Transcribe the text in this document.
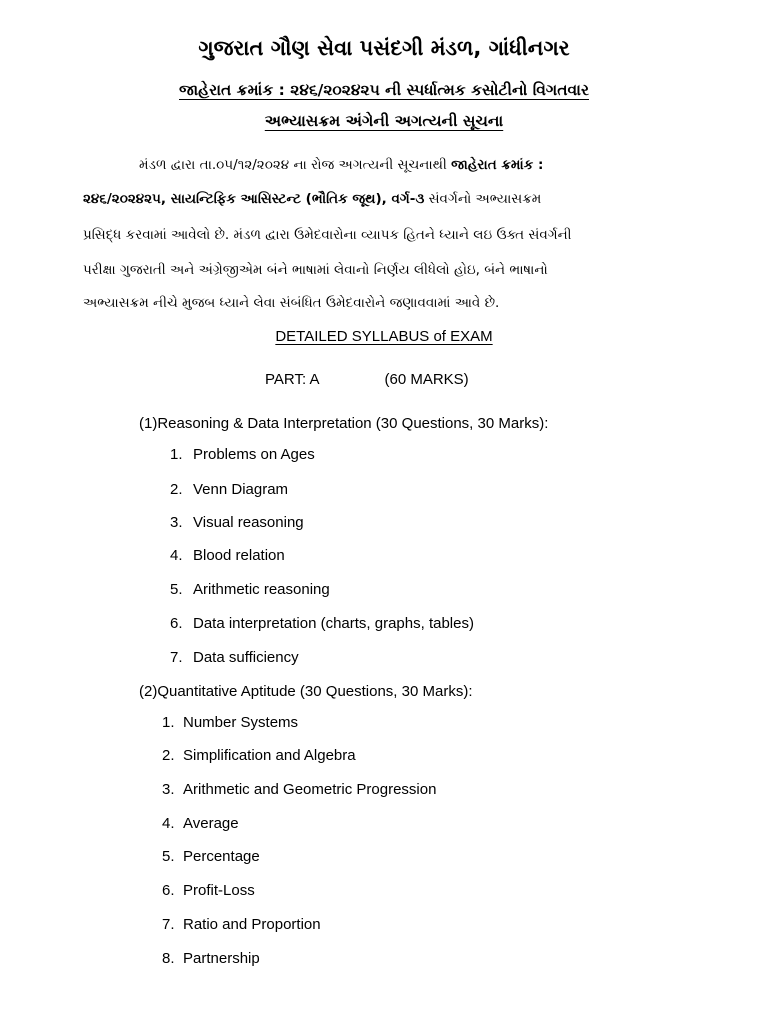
ગુજરાત ગૌણ સેવા પસંદગી મંડળ, ગાંધીનગર
જાહેરાત ક્રમાંક : ૨૪૬/૨૦૨૪૨૫ ની સ્પર્ધાત્મક કસોટીનો વિગતવાર
અભ્યાસક્રમ અંગેની અગત્યની સૂચના
મંડળ દ્વારા તા.૦૫/૧૨/૨૦૨૪ ના રોજ અગત્યની સૂચનાથી જાહેરાત ક્રમાંક :
૨૪૬/૨૦૨૪૨૫, સાયન્ટિફિક આસિસ્ટન્ટ (ભૌતિક જૂથ), વર્ગ-૩ સંવર્ગનો અભ્યાસક્રમ
પ્રસિદ્ધ કરવામાં આવેલો છે. મંડળ દ્વારા ઉમેદવારોના વ્યાપક હિતને ધ્યાને લઇ ઉક્ત સંવર્ગની
પરીક્ષા ગુજરાતી અને અંગ્રેજીએમ બંને ભાષામાં લેવાનો નિર્ણય લીધેલો હોઇ, બંને ભાષાનો
અભ્યાસક્રમ નીચે મુજબ ધ્યાને લેવા સંબંધિત ઉમેદવારોને જણાવવામાં આવે છે.
DETAILED SYLLABUS of EXAM
PART: A	(60 MARKS)
(1)Reasoning & Data Interpretation (30 Questions, 30 Marks):
1. Problems on Ages
2. Venn Diagram
3. Visual reasoning
4. Blood relation
5. Arithmetic reasoning
6. Data interpretation (charts, graphs, tables)
7. Data sufficiency
(2)Quantitative Aptitude (30 Questions, 30 Marks):
1. Number Systems
2. Simplification and Algebra
3. Arithmetic and Geometric Progression
4. Average
5. Percentage
6. Profit-Loss
7. Ratio and Proportion
8. Partnership
